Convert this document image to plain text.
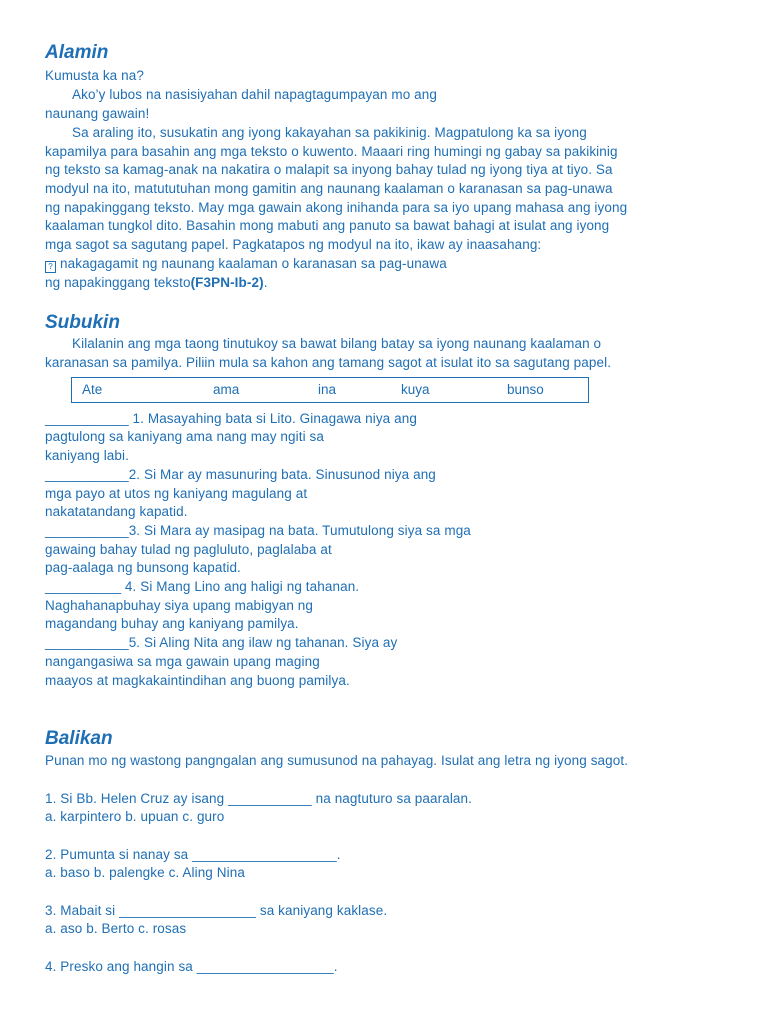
Alamin

Kumusta ka na?

Ako’y lubos na nasisiyahan dahil napagtagumpayan mo ang

naunang gawain!

Sa araling ito, susukatin ang iyong kakayahan sa pakikinig. Magpatulong ka sa iyong

kapamilya para basahin ang mga teksto o kuwento. Maaari ring humingi ng gabay sa pakikinig

ng teksto sa kamag-anak na nakatira o malapit sa inyong bahay tulad ng iyong tiya at tiyo. Sa

modyul na ito, matututuhan mong gamitin ang naunang kaalaman o karanasan sa pag-unawa

ng napakinggang teksto. May mga gawain akong inihanda para sa iyo upang mahasa ang iyong

kaalaman tungkol dito. Basahin mong mabuti ang panuto sa bawat bahagi at isulat ang iyong

mga sagot sa sagutang papel. Pagkatapos ng modyul na ito, ikaw ay inaasahang:

? nakagagamit ng naunang kaalaman o karanasan sa pag-unawa

ng napakinggang teksto(F3PN-Ib-2).

Subukin

Kilalanin ang mga taong tinutukoy sa bawat bilang batay sa iyong naunang kaalaman o

karanasan sa pamilya. Piliin mula sa kahon ang tamang sagot at isulat ito sa sagutang papel.

Ate	ama	ina	kuya	bunso

___________ 1. Masayahing bata si Lito. Ginagawa niya ang

pagtulong sa kaniyang ama nang may ngiti sa

kaniyang labi.

___________2. Si Mar ay masunuring bata. Sinusunod niya ang

mga payo at utos ng kaniyang magulang at

nakatatandang kapatid.

___________3. Si Mara ay masipag na bata. Tumutulong siya sa mga

gawaing bahay tulad ng pagluluto, paglalaba at

pag-aalaga ng bunsong kapatid.

__________ 4. Si Mang Lino ang haligi ng tahanan.

Naghahanapbuhay siya upang mabigyan ng

magandang buhay ang kaniyang pamilya.

___________5. Si Aling Nita ang ilaw ng tahanan. Siya ay

nangangasiwa sa mga gawain upang maging

maayos at magkakaintindihan ang buong pamilya.

Balikan

Punan mo ng wastong pangngalan ang sumusunod na pahayag. Isulat ang letra ng iyong sagot.

1. Si Bb. Helen Cruz ay isang ___________ na nagtuturo sa paaralan.

a. karpintero b. upuan c. guro

2. Pumunta si nanay sa ___________________.

a. baso b. palengke c. Aling Nina

3. Mabait si __________________ sa kaniyang kaklase.

a. aso b. Berto c. rosas

4. Presko ang hangin sa __________________.
